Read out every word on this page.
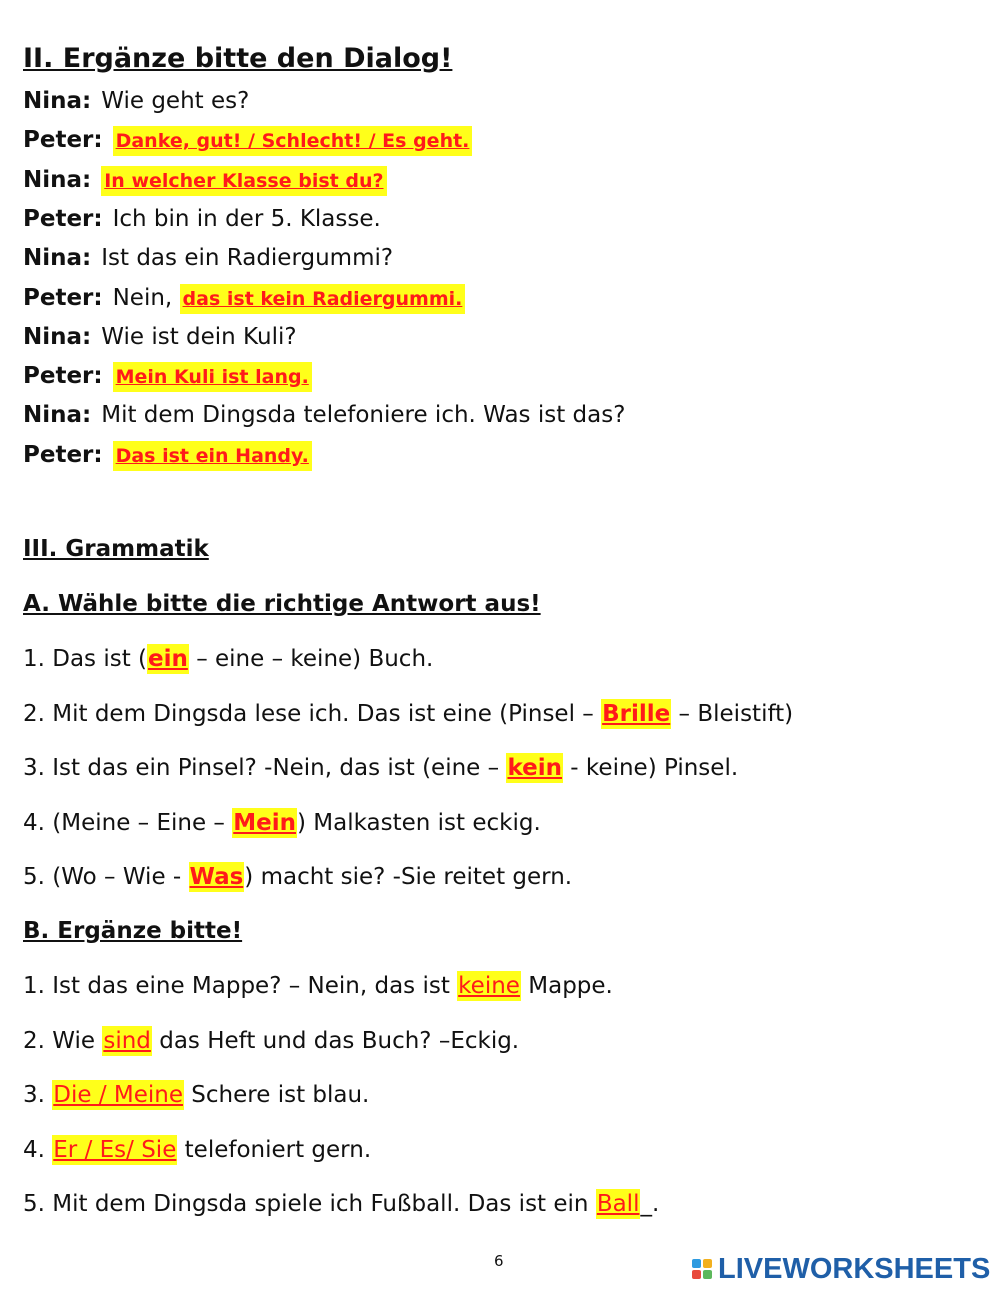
II. Ergänze bitte den Dialog!
Nina: Wie geht es?
Peter: Danke, gut! / Schlecht! / Es geht.
Nina: In welcher Klasse bist du?
Peter: Ich bin in der 5. Klasse.
Nina: Ist das ein Radiergummi?
Peter: Nein, das ist kein Radiergummi.
Nina: Wie ist dein Kuli?
Peter: Mein Kuli ist lang.
Nina: Mit dem Dingsda telefoniere ich. Was ist das?
Peter: Das ist ein Handy.
III. Grammatik
A. Wähle bitte die richtige Antwort aus!
1. Das ist (ein – eine – keine) Buch.
2. Mit dem Dingsda lese ich. Das ist eine (Pinsel – Brille – Bleistift)
3. Ist das ein Pinsel? -Nein, das ist (eine – kein - keine) Pinsel.
4. (Meine – Eine – Mein) Malkasten ist eckig.
5. (Wo – Wie - Was) macht sie? -Sie reitet gern.
B. Ergänze bitte!
1. Ist das eine Mappe? – Nein, das ist keine Mappe.
2. Wie sind das Heft und das Buch? –Eckig.
3. Die / Meine Schere ist blau.
4. Er / Es/ Sie telefoniert gern.
5. Mit dem Dingsda spiele ich Fußball. Das ist ein Ball_.
6	LIVEWORKSHEETS
